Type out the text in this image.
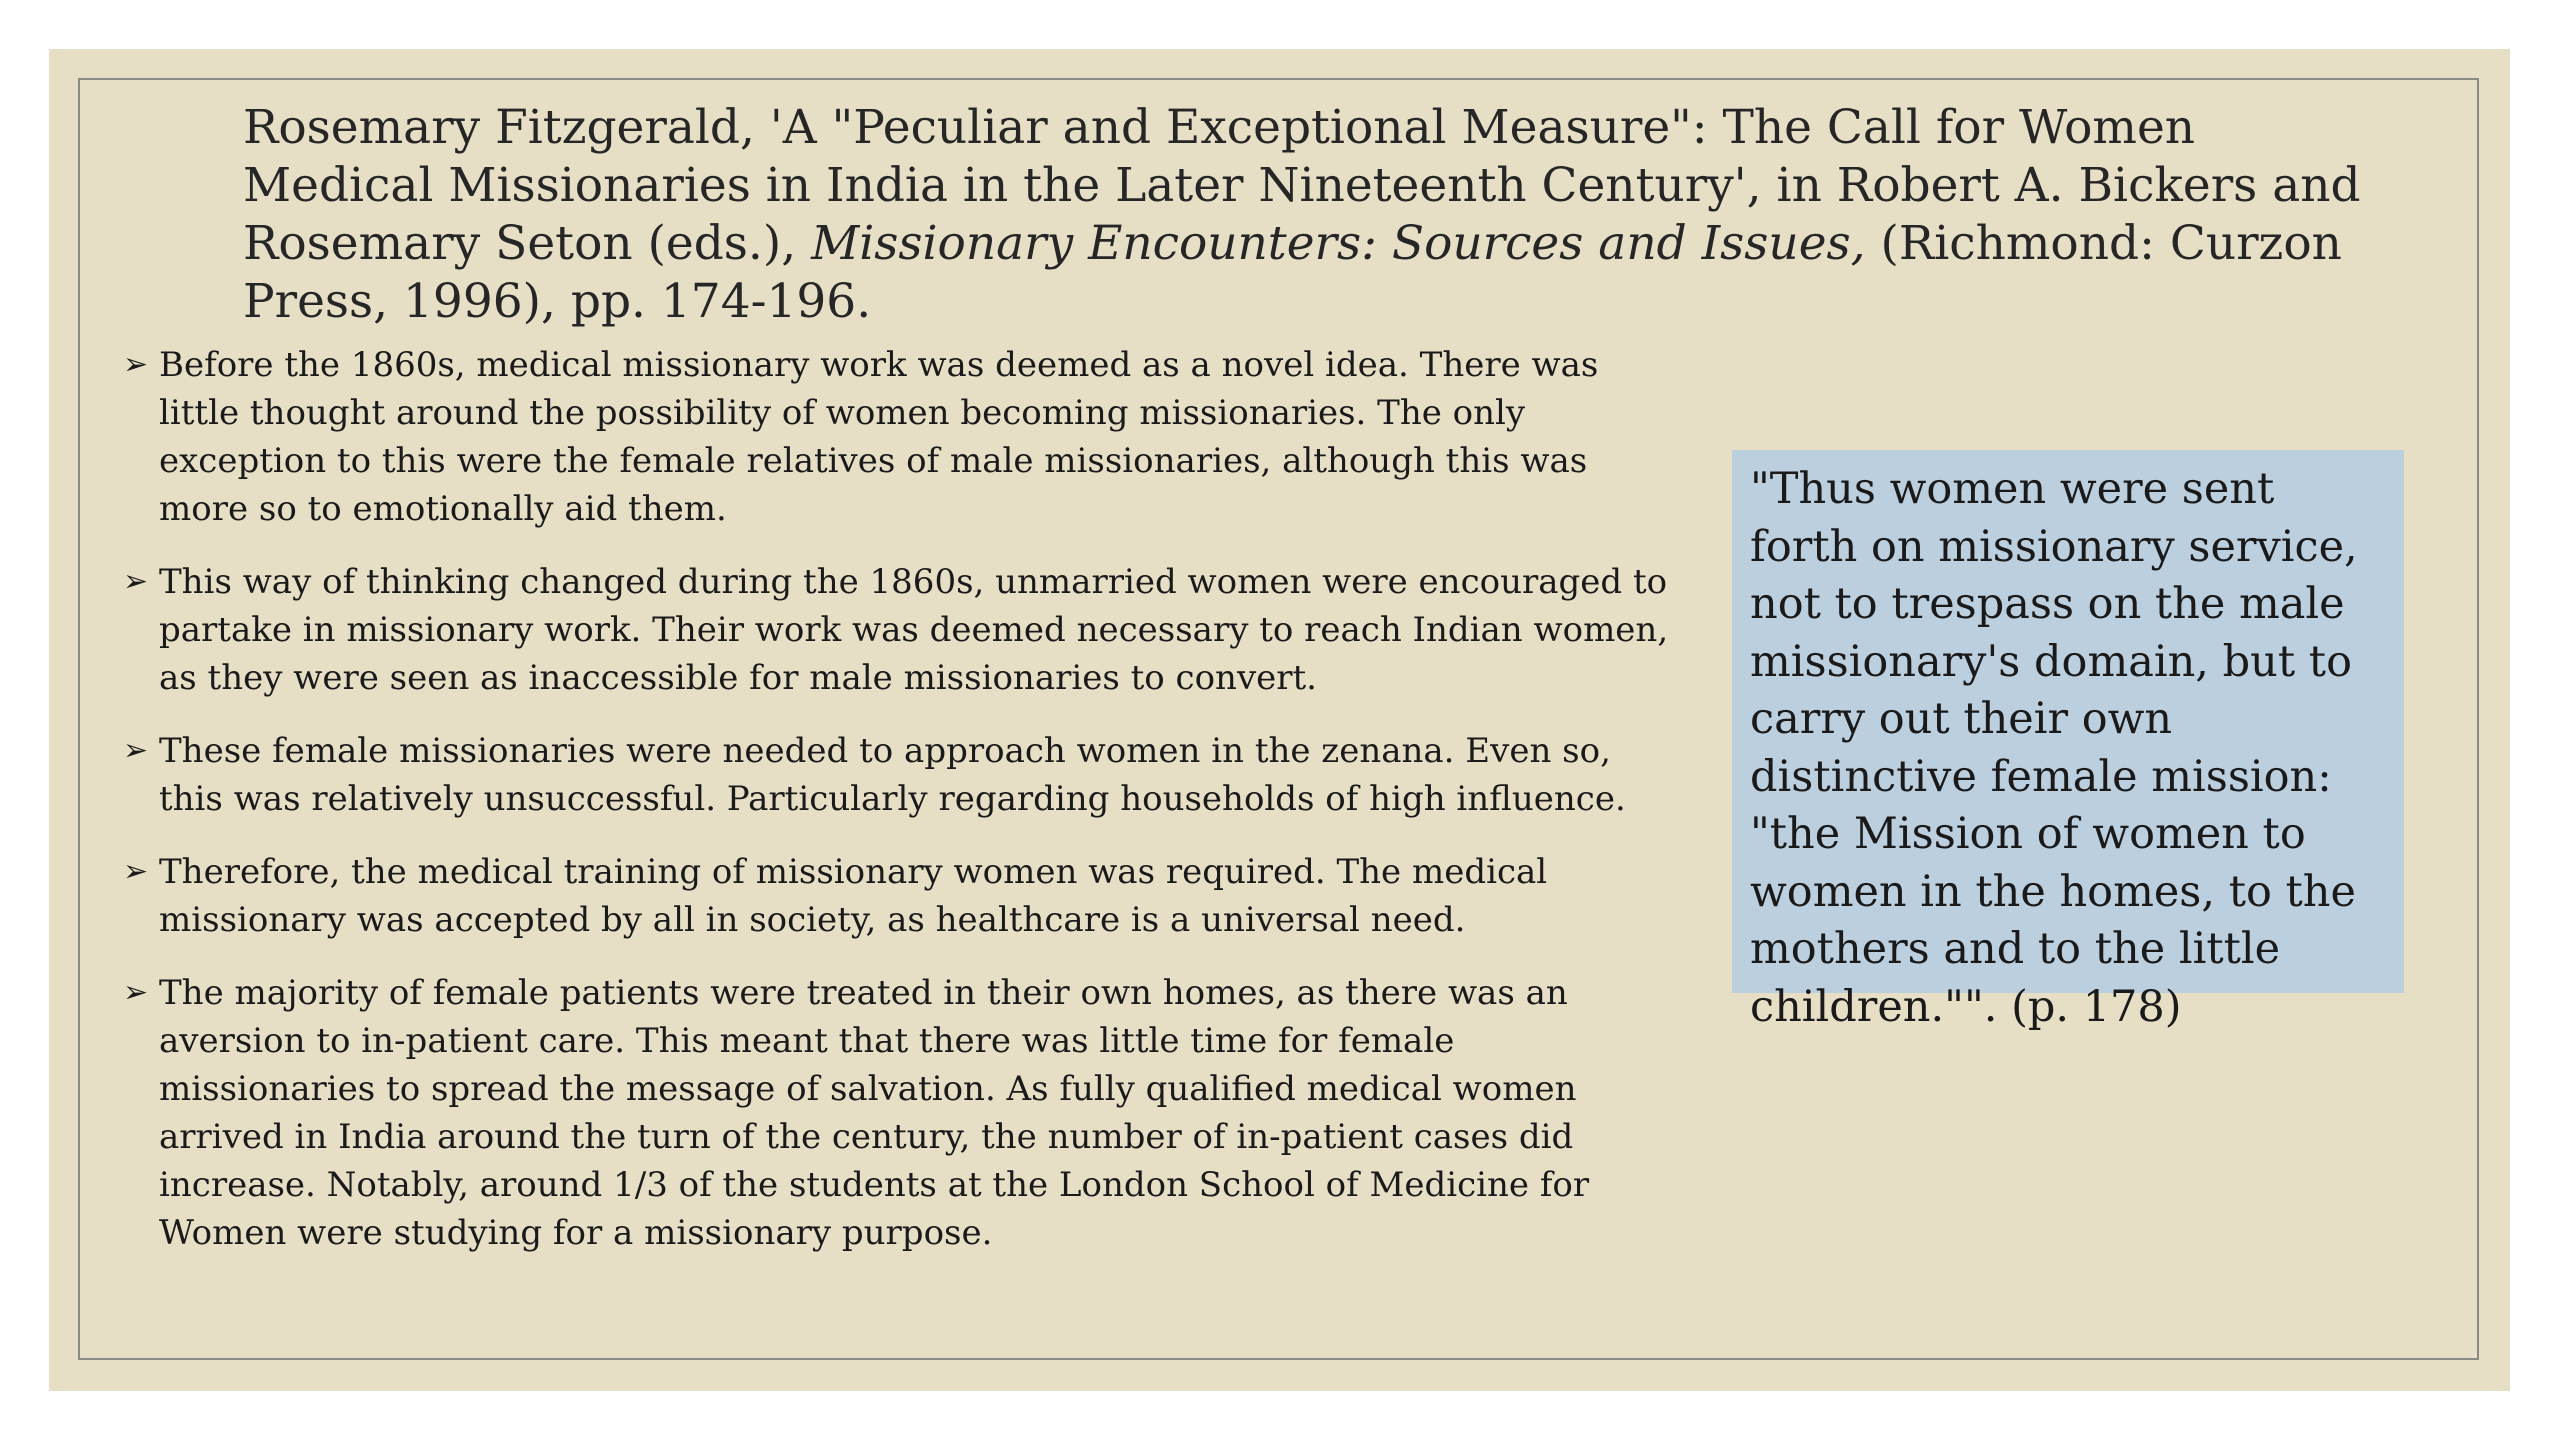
Rosemary Fitzgerald, 'A "Peculiar and Exceptional Measure": The Call for Women Medical Missionaries in India in the Later Nineteenth Century', in Robert A. Bickers and Rosemary Seton (eds.), Missionary Encounters: Sources and Issues, (Richmond: Curzon Press, 1996), pp. 174-196.
➢ Before the 1860s, medical missionary work was deemed as a novel idea. There was little thought around the possibility of women becoming missionaries. The only exception to this were the female relatives of male missionaries, although this was more so to emotionally aid them.
➢ This way of thinking changed during the 1860s, unmarried women were encouraged to partake in missionary work. Their work was deemed necessary to reach Indian women, as they were seen as inaccessible for male missionaries to convert.
➢ These female missionaries were needed to approach women in the zenana. Even so, this was relatively unsuccessful. Particularly regarding households of high influence.
➢ Therefore, the medical training of missionary women was required. The medical missionary was accepted by all in society, as healthcare is a universal need.
➢ The majority of female patients were treated in their own homes, as there was an aversion to in-patient care. This meant that there was little time for female missionaries to spread the message of salvation. As fully qualified medical women arrived in India around the turn of the century, the number of in-patient cases did increase. Notably, around 1/3 of the students at the London School of Medicine for Women were studying for a missionary purpose.

"Thus women were sent forth on missionary service, not to trespass on the male missionary's domain, but to carry out their own distinctive female mission: "the Mission of women to women in the homes, to the mothers and to the little children."". (p. 178)
